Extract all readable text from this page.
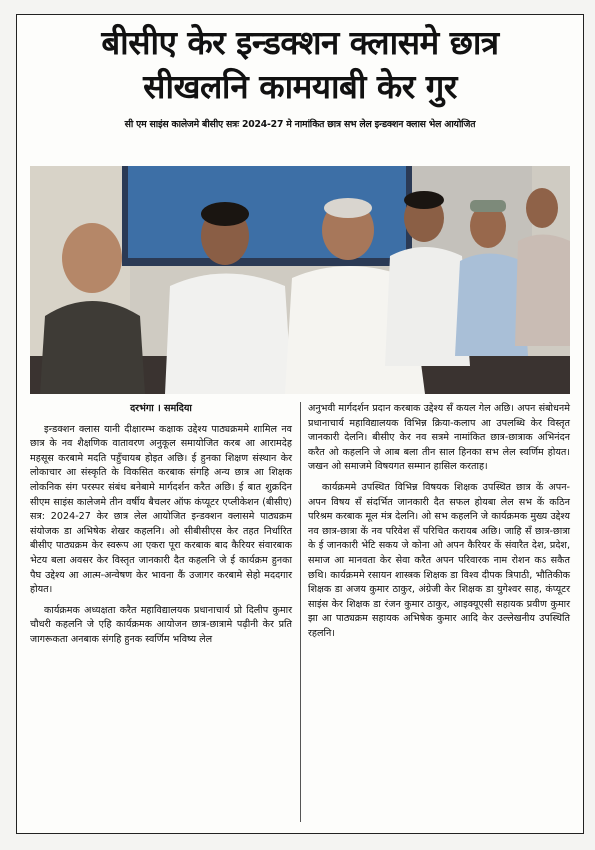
बीसीए केर इन्डक्शन क्लासमे छात्र
सीखलनि कामयाबी केर गुर
सी एम साइंस कालेजमे बीसीए सत्रः 2024-27 मे नामांकित छात्र सभ लेल इन्डक्शन क्लास भेल आयोजित

दरभंगा । समदिया

इन्डक्शन क्लास यानी दीक्षारम्भ कक्षाक उद्देश्य पाठ्यक्रममे शामिल नव छात्र के नव शैक्षणिक वातावरण अनुकूल समायोजित करब आ आरामदेह महसूस करबामे मदति पहुँचायब होइत अछि। ई हुनका शिक्षण संस्थान केर लोकाचार आ संस्कृति के विकसित करबाक संगहि अन्य छात्र आ शिक्षक लोकनिक संग परस्पर संबंध बनेबामे मार्गदर्शन करैत अछि। ई बात शुक्रदिन सीएम साइंस कालेजमे तीन वर्षीय बैचलर ऑफ कंप्यूटर एप्लीकेशन (बीसीए) सत्र: 2024-27 केर छात्र लेल आयोजित इन्डक्शन क्लासमे पाठ्यक्रम संयोजक डा अभिषेक शेखर कहलनि। ओ सीबीसीएस केर तहत निर्धारित बीसीए पाठ्यक्रम केर स्वरूप आ एकरा पूरा करबाक बाद कैरियर संवारबाक भेटय बला अवसर केर विस्तृत जानकारी दैत कहलनि जे ई कार्यक्रम हुनका पैघ उद्देश्य आ आत्म-अन्वेषण केर भावना कैं उजागर करबामे सेहो मददगार होयत।

कार्यक्रमक अध्यक्षता करैत महाविद्यालयक प्रधानाचार्य प्रो दिलीप कुमार चौधरी कहलनि जे एहि कार्यक्रमक आयोजन छात्र-छात्रामे पढ़ीनी केर प्रति जागरूकता अनबाक संगहि हुनक स्वर्णिम भविष्य लेल

अनुभवी मार्गदर्शन प्रदान करबाक उद्देश्य सँ कयल गेल अछि। अपन संबोधनमे प्रधानाचार्य महाविद्यालयक विभिन्न क्रिया-कलाप आ उपलब्धि केर विस्तृत जानकारी देलनि। बीसीए केर नव सत्रमे नामांकित छात्र-छात्राक अभिनंदन करैत ओ कहलनि जे आब बला तीन साल हिनका सभ लेल स्वर्णिम होयत। जखन ओ समाजमे विषयगत सम्मान हासिल करताह।

कार्यक्रममे उपस्थित विभिन्न विषयक शिक्षक उपस्थित छात्र कें अपन-अपन विषय सँ संदर्भित जानकारी दैत सफल होयबा लेल सभ कें कठिन परिश्रम करबाक मूल मंत्र देलनि। ओ सभ कहलनि जे कार्यक्रमक मुख्य उद्देश्य नव छात्र-छात्रा कें नव परिवेश सँ परिचित करायब अछि। जाहि सँ छात्र-छात्रा के ई जानकारी भेटि सकय जे कोना ओ अपन कैरियर कें संवारैत देश, प्रदेश, समाज आ मानवता केर सेवा करैत अपन परिवारक नाम रोशन कऽ सकैत छथि। कार्यक्रममे रसायन शास्त्रक शिक्षक डा विश्व दीपक त्रिपाठी, भौतिकीक शिक्षक डा अजय कुमार ठाकुर, अंग्रेजी केर शिक्षक डा युगेश्वर साह, कंप्यूटर साइंस केर शिक्षक डा रंजन कुमार ठाकुर, आइक्यूएसी सहायक प्रवीण कुमार झा आ पाठ्यक्रम सहायक अभिषेक कुमार आदि केर उल्लेखनीय उपस्थिति रहलनि।
